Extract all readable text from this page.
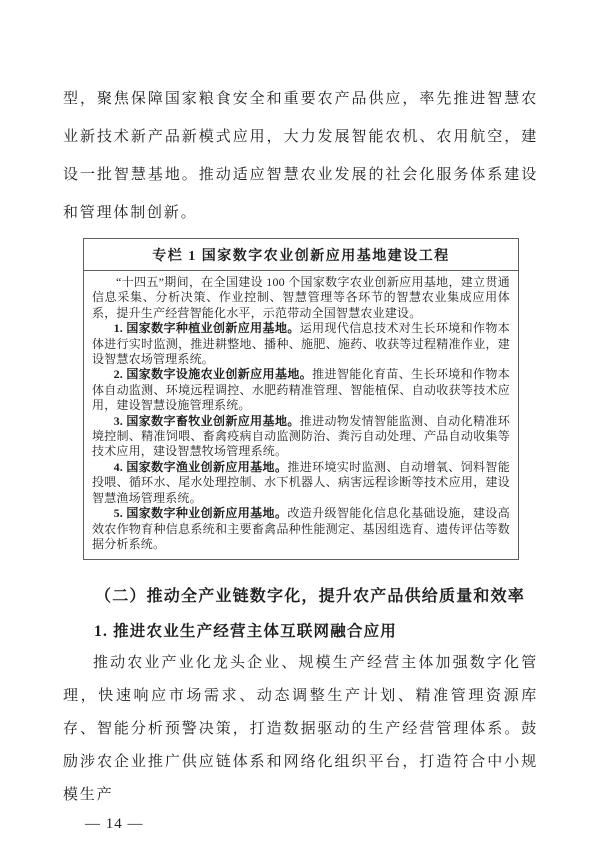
型，聚焦保障国家粮食安全和重要农产品供应，率先推进智慧农业新技术新产品新模式应用，大力发展智能农机、农用航空，建设一批智慧基地。推动适应智慧农业发展的社会化服务体系建设和管理体制创新。

专栏 1 国家数字农业创新应用基地建设工程

“十四五”期间，在全国建设 100 个国家数字农业创新应用基地，建立贯通信息采集、分析决策、作业控制、智慧管理等各环节的智慧农业集成应用体系，提升生产经营智能化水平，示范带动全国智慧农业建设。

1. 国家数字种植业创新应用基地。运用现代信息技术对生长环境和作物本体进行实时监测，推进耕整地、播种、施肥、施药、收获等过程精准作业，建设智慧农场管理系统。

2. 国家数字设施农业创新应用基地。推进智能化育苗、生长环境和作物本体自动监测、环境远程调控、水肥药精准管理、智能植保、自动收获等技术应用，建设智慧设施管理系统。

3. 国家数字畜牧业创新应用基地。推进动物发情智能监测、自动化精准环境控制、精准饲喂、畜禽疫病自动监测防治、粪污自动处理、产品自动收集等技术应用，建设智慧牧场管理系统。

4. 国家数字渔业创新应用基地。推进环境实时监测、自动增氧、饲料智能投喂、循环水、尾水处理控制、水下机器人、病害远程诊断等技术应用，建设智慧渔场管理系统。

5. 国家数字种业创新应用基地。改造升级智能化信息化基础设施，建设高效农作物育种信息系统和主要畜禽品种性能测定、基因组选育、遗传评估等数据分析系统。

（二）推动全产业链数字化，提升农产品供给质量和效率
1. 推进农业生产经营主体互联网融合应用

推动农业产业化龙头企业、规模生产经营主体加强数字化管理，快速响应市场需求、动态调整生产计划、精准管理资源库存、智能分析预警决策，打造数据驱动的生产经营管理体系。鼓励涉农企业推广供应链体系和网络化组织平台，打造符合中小规模生产

— 14 —
